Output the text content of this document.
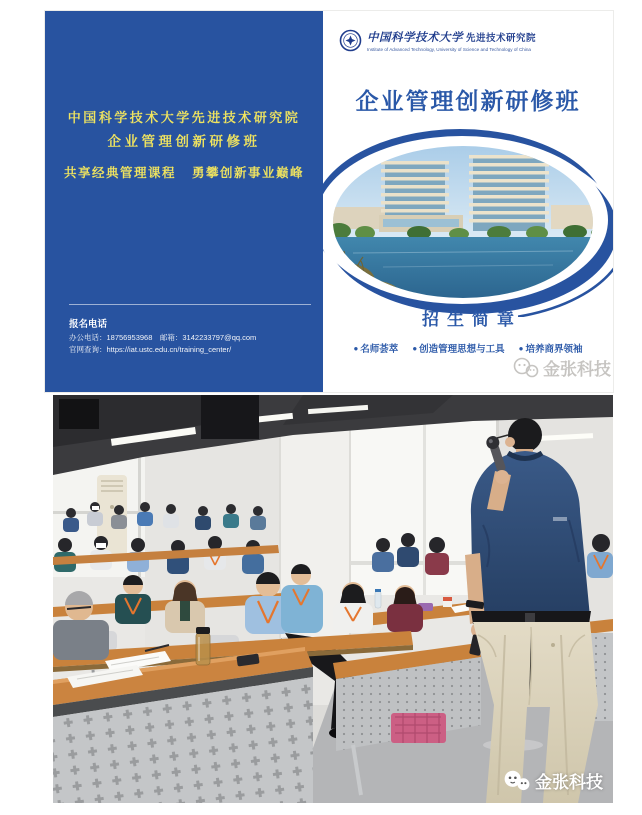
中国科学技术大学先进技术研究院
企业管理创新研修班
共享经典管理课程 勇攀创新事业巅峰
报名电话
办公电话：18756953968　邮箱：3142233797@qq.com
官网查询：https://iat.ustc.edu.cn/training_center/
中国科学技术大学 先进技术研究院
Institute of Advanced Technology, University of Science and Technology of China
企业管理创新研修班
招生简章
● 名师荟萃 ● 创造管理思想与工具 ● 培养商界领袖
金张科技
金张科技
